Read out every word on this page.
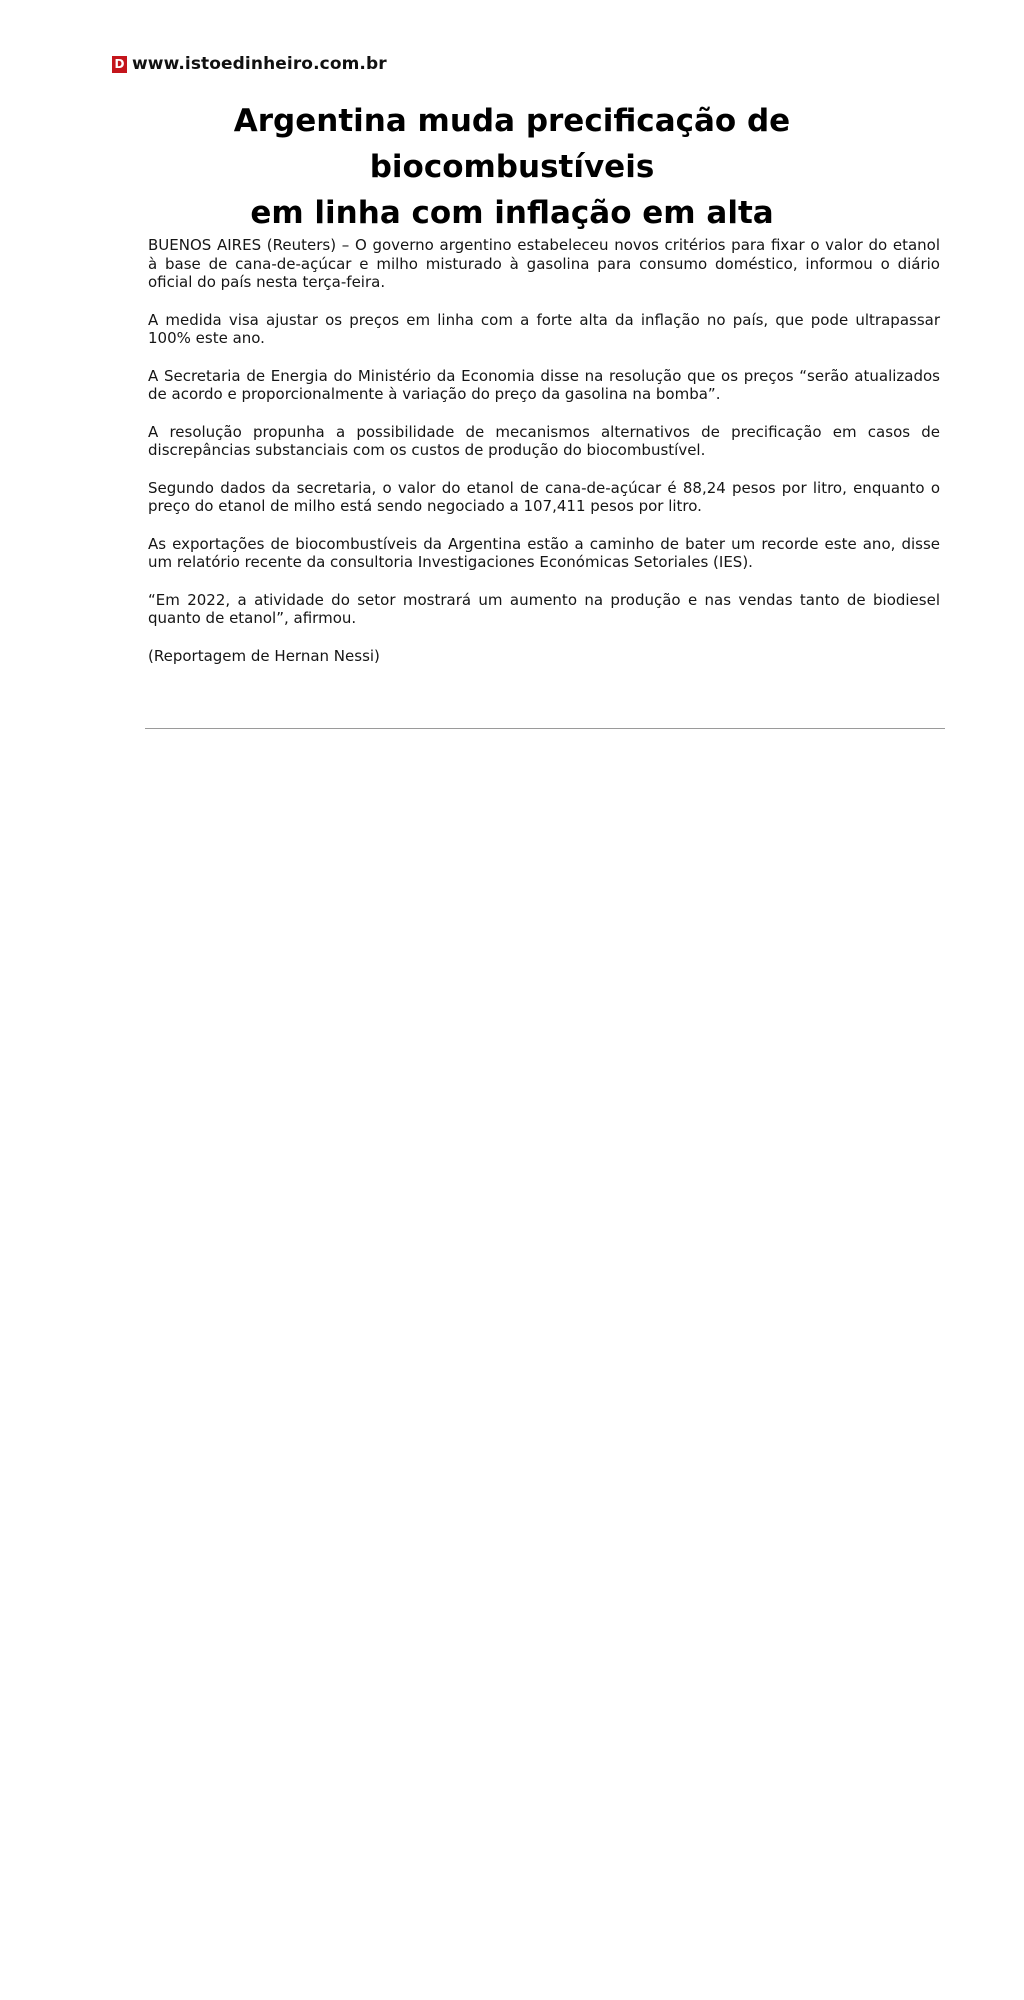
D www.istoedinheiro.com.br
Argentina muda precificação de biocombustíveis
em linha com inflação em alta

BUENOS AIRES (Reuters) – O governo argentino estabeleceu novos critérios para fixar o valor do etanol à base de cana-de-açúcar e milho misturado à gasolina para consumo doméstico, informou o diário oficial do país nesta terça-feira.

A medida visa ajustar os preços em linha com a forte alta da inflação no país, que pode ultrapassar 100% este ano.

A Secretaria de Energia do Ministério da Economia disse na resolução que os preços “serão atualizados de acordo e proporcionalmente à variação do preço da gasolina na bomba”.

A resolução propunha a possibilidade de mecanismos alternativos de precificação em casos de discrepâncias substanciais com os custos de produção do biocombustível.

Segundo dados da secretaria, o valor do etanol de cana-de-açúcar é 88,24 pesos por litro, enquanto o preço do etanol de milho está sendo negociado a 107,411 pesos por litro.

As exportações de biocombustíveis da Argentina estão a caminho de bater um recorde este ano, disse um relatório recente da consultoria Investigaciones Económicas Setoriales (IES).

“Em 2022, a atividade do setor mostrará um aumento na produção e nas vendas tanto de biodiesel quanto de etanol”, afirmou.

(Reportagem de Hernan Nessi)
